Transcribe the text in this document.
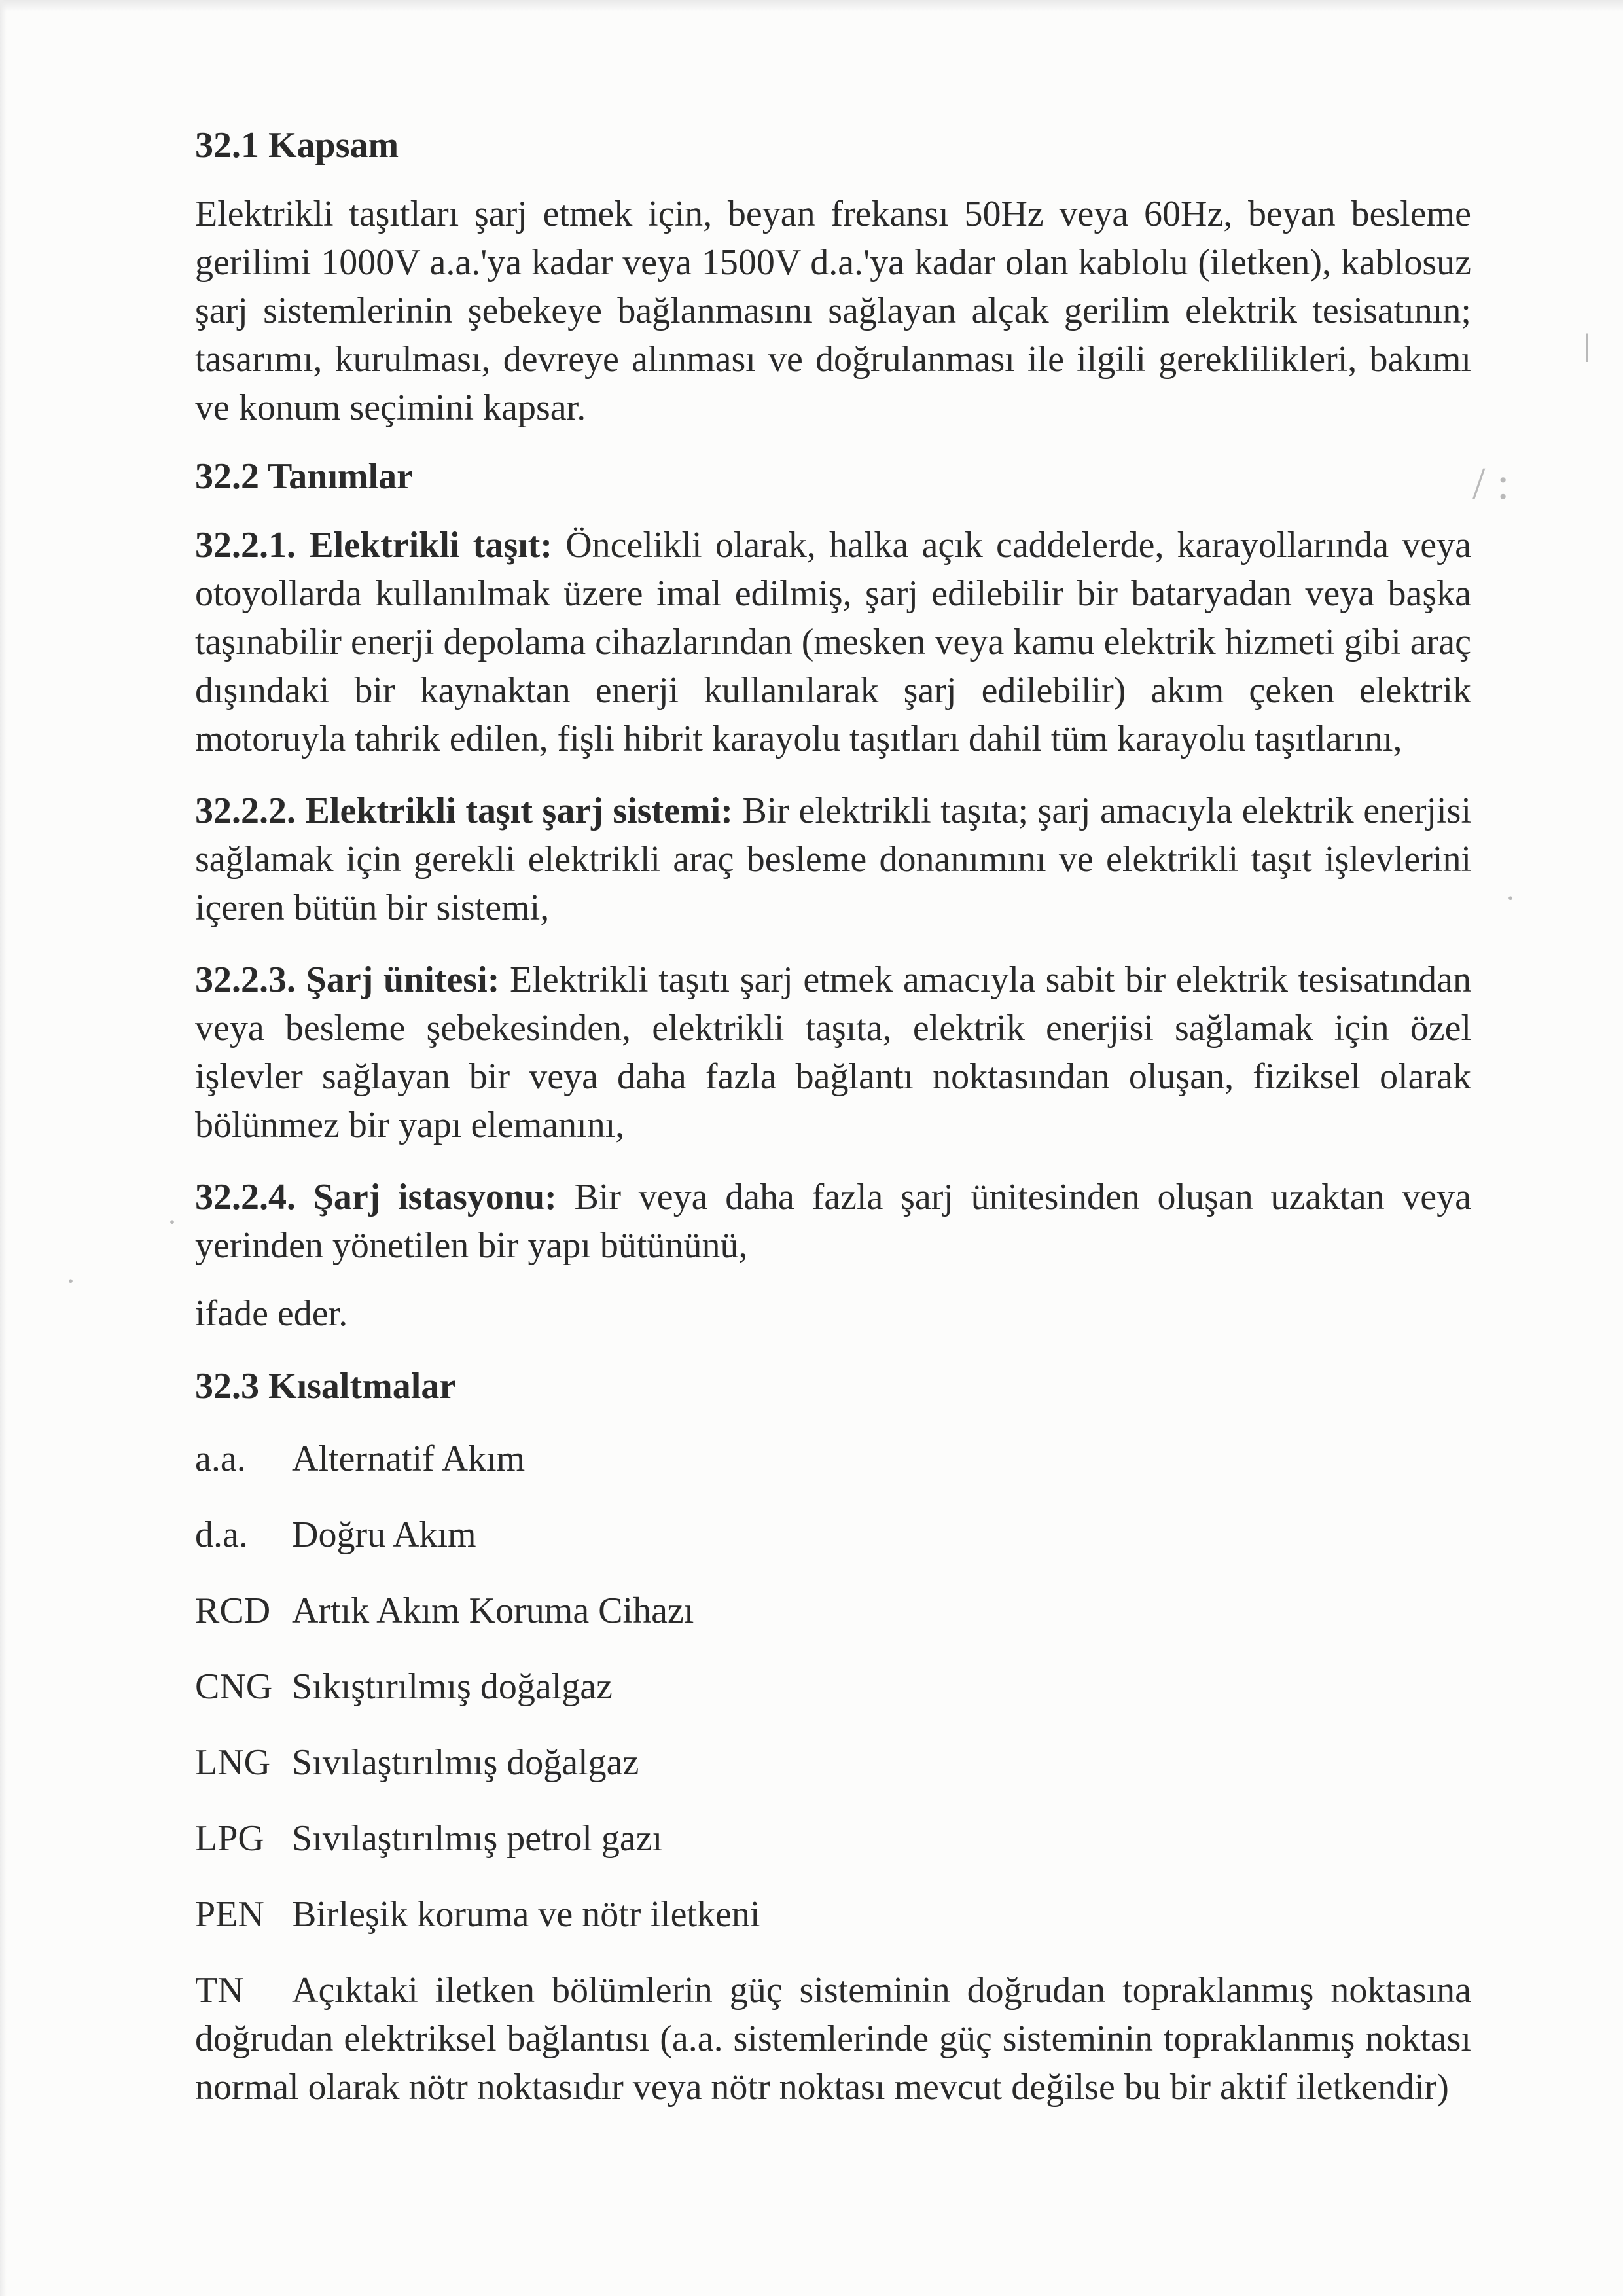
|
/ :
·
·
·

32.1 Kapsam

Elektrikli taşıtları şarj etmek için, beyan frekansı 50Hz veya 60Hz, beyan besleme gerilimi 1000V a.a.'ya kadar veya 1500V d.a.'ya kadar olan kablolu (iletken), kablosuz şarj sistemlerinin şebekeye bağlanmasını sağlayan alçak gerilim elektrik tesisatının; tasarımı, kurulması, devreye alınması ve doğrulanması ile ilgili gereklilikleri, bakımı ve konum seçimini kapsar.

32.2 Tanımlar

32.2.1. Elektrikli taşıt: Öncelikli olarak, halka açık caddelerde, karayollarında veya otoyollarda kullanılmak üzere imal edilmiş, şarj edilebilir bir bataryadan veya başka taşınabilir enerji depolama cihazlarından (mesken veya kamu elektrik hizmeti gibi araç dışındaki bir kaynaktan enerji kullanılarak şarj edilebilir) akım çeken elektrik motoruyla tahrik edilen, fişli hibrit karayolu taşıtları dahil tüm karayolu taşıtlarını,

32.2.2. Elektrikli taşıt şarj sistemi: Bir elektrikli taşıta; şarj amacıyla elektrik enerjisi sağlamak için gerekli elektrikli araç besleme donanımını ve elektrikli taşıt işlevlerini içeren bütün bir sistemi,

32.2.3. Şarj ünitesi: Elektrikli taşıtı şarj etmek amacıyla sabit bir elektrik tesisatından veya besleme şebekesinden, elektrikli taşıta, elektrik enerjisi sağlamak için özel işlevler sağlayan bir veya daha fazla bağlantı noktasından oluşan, fiziksel olarak bölünmez bir yapı elemanını,

32.2.4. Şarj istasyonu: Bir veya daha fazla şarj ünitesinden oluşan uzaktan veya yerinden yönetilen bir yapı bütününü,

ifade eder.

32.3 Kısaltmalar

a.a.	Alternatif Akım
d.a.	Doğru Akım
RCD Artık Akım Koruma Cihazı
CNG Sıkıştırılmış doğalgaz
LNG Sıvılaştırılmış doğalgaz
LPG Sıvılaştırılmış petrol gazı
PEN Birleşik koruma ve nötr iletkeni

TN Açıktaki iletken bölümlerin güç sisteminin doğrudan topraklanmış noktasına doğrudan elektriksel bağlantısı (a.a. sistemlerinde güç sisteminin topraklanmış noktası normal olarak nötr noktasıdır veya nötr noktası mevcut değilse bu bir aktif iletkendir)
